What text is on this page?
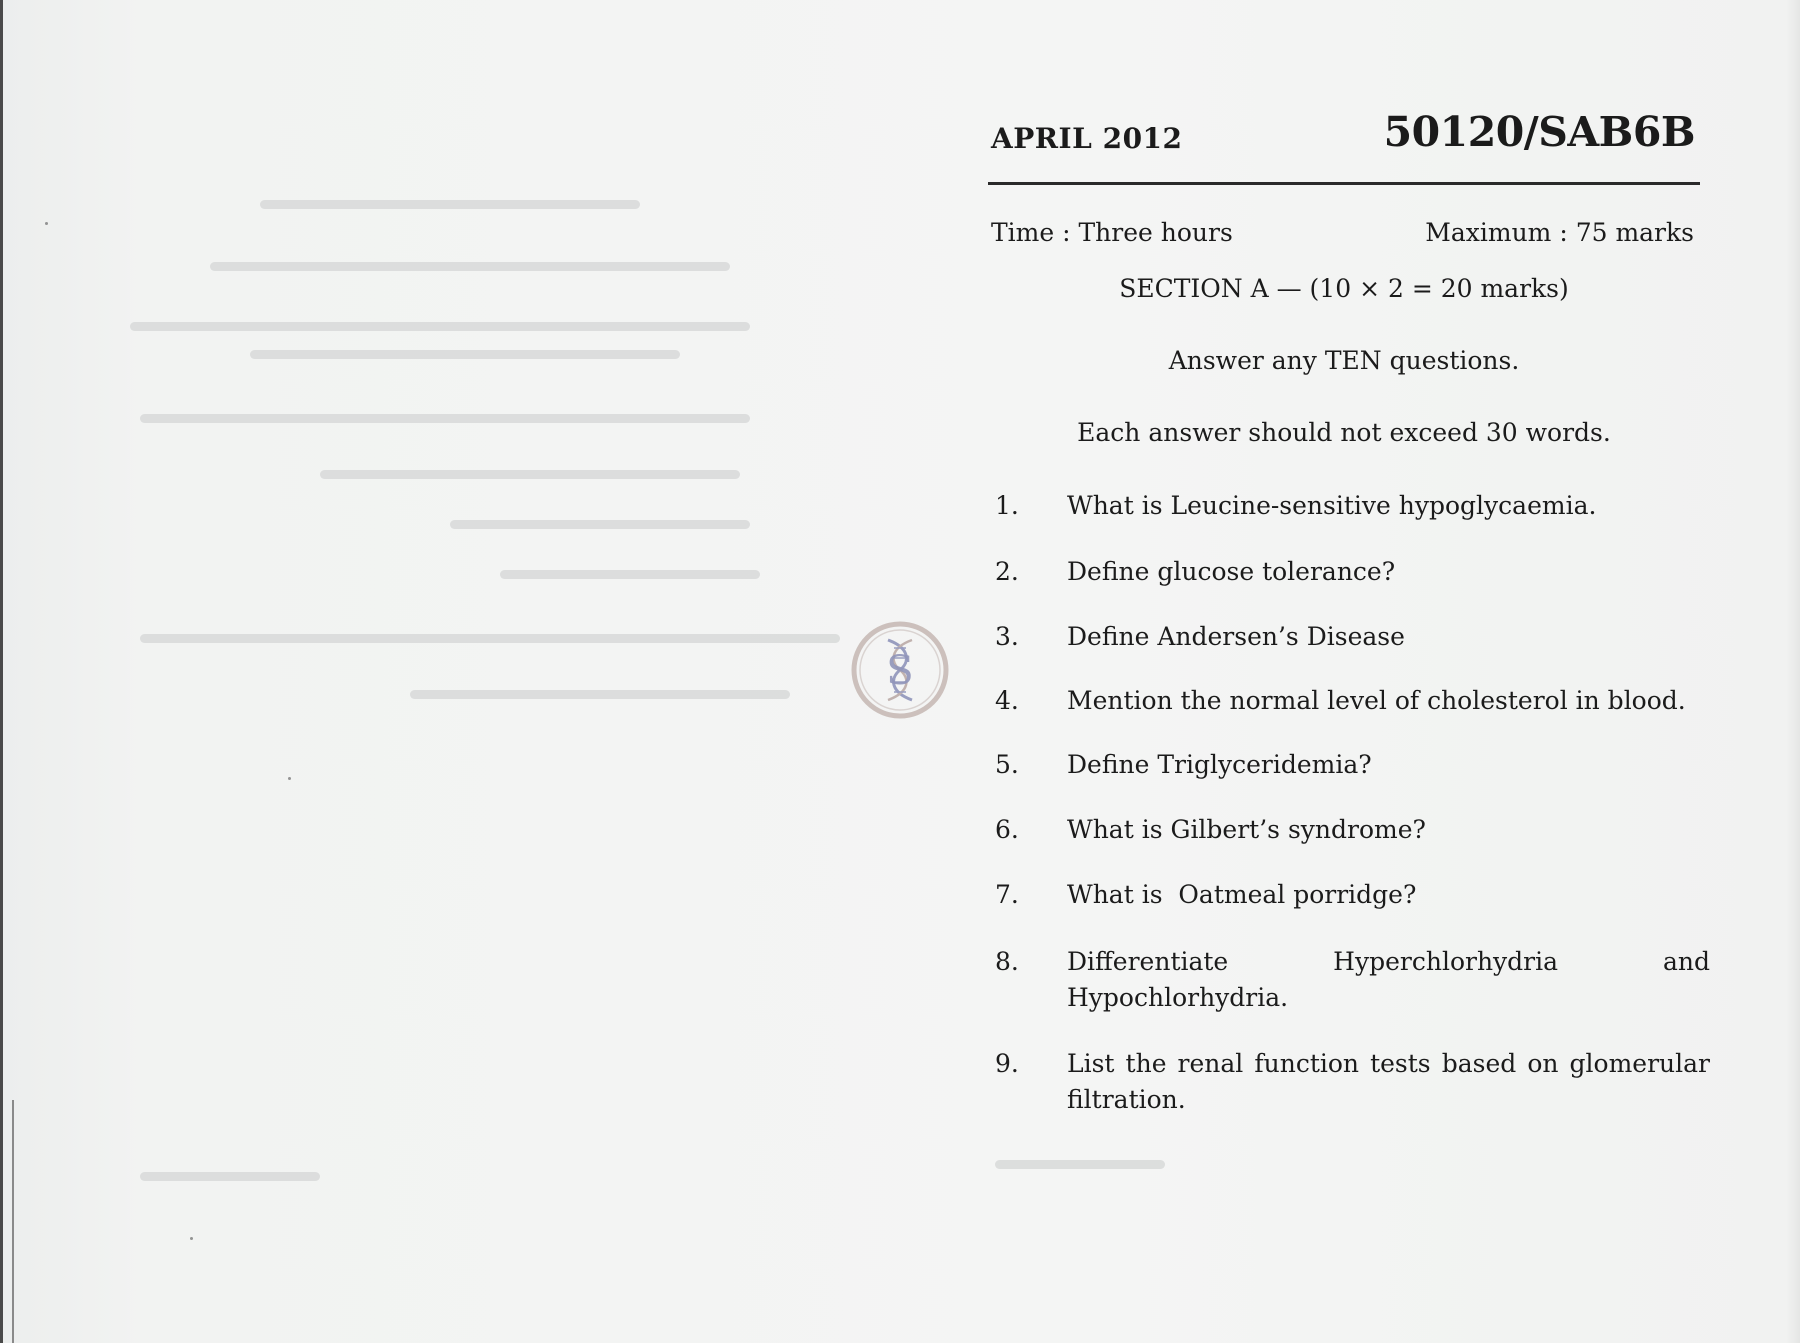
APRIL 2012	50120/SAB6B
Time : Three hours	Maximum : 75 marks
SECTION A — (10 × 2 = 20 marks)
Answer any TEN questions.
Each answer should not exceed 30 words.
S
1.	What is Leucine-sensitive hypoglycaemia.
2.	Define glucose tolerance?
3.	Define Andersen’s Disease
4.	Mention the normal level of cholesterol in blood.
5.	Define Triglyceridemia?
6.	What is Gilbert’s syndrome?
7.	What is  Oatmeal porridge?
8.	Differentiate	Hyperchlorhydria	and
Hypochlorhydria.
9.	List the renal function tests based on glomerular filtration.
